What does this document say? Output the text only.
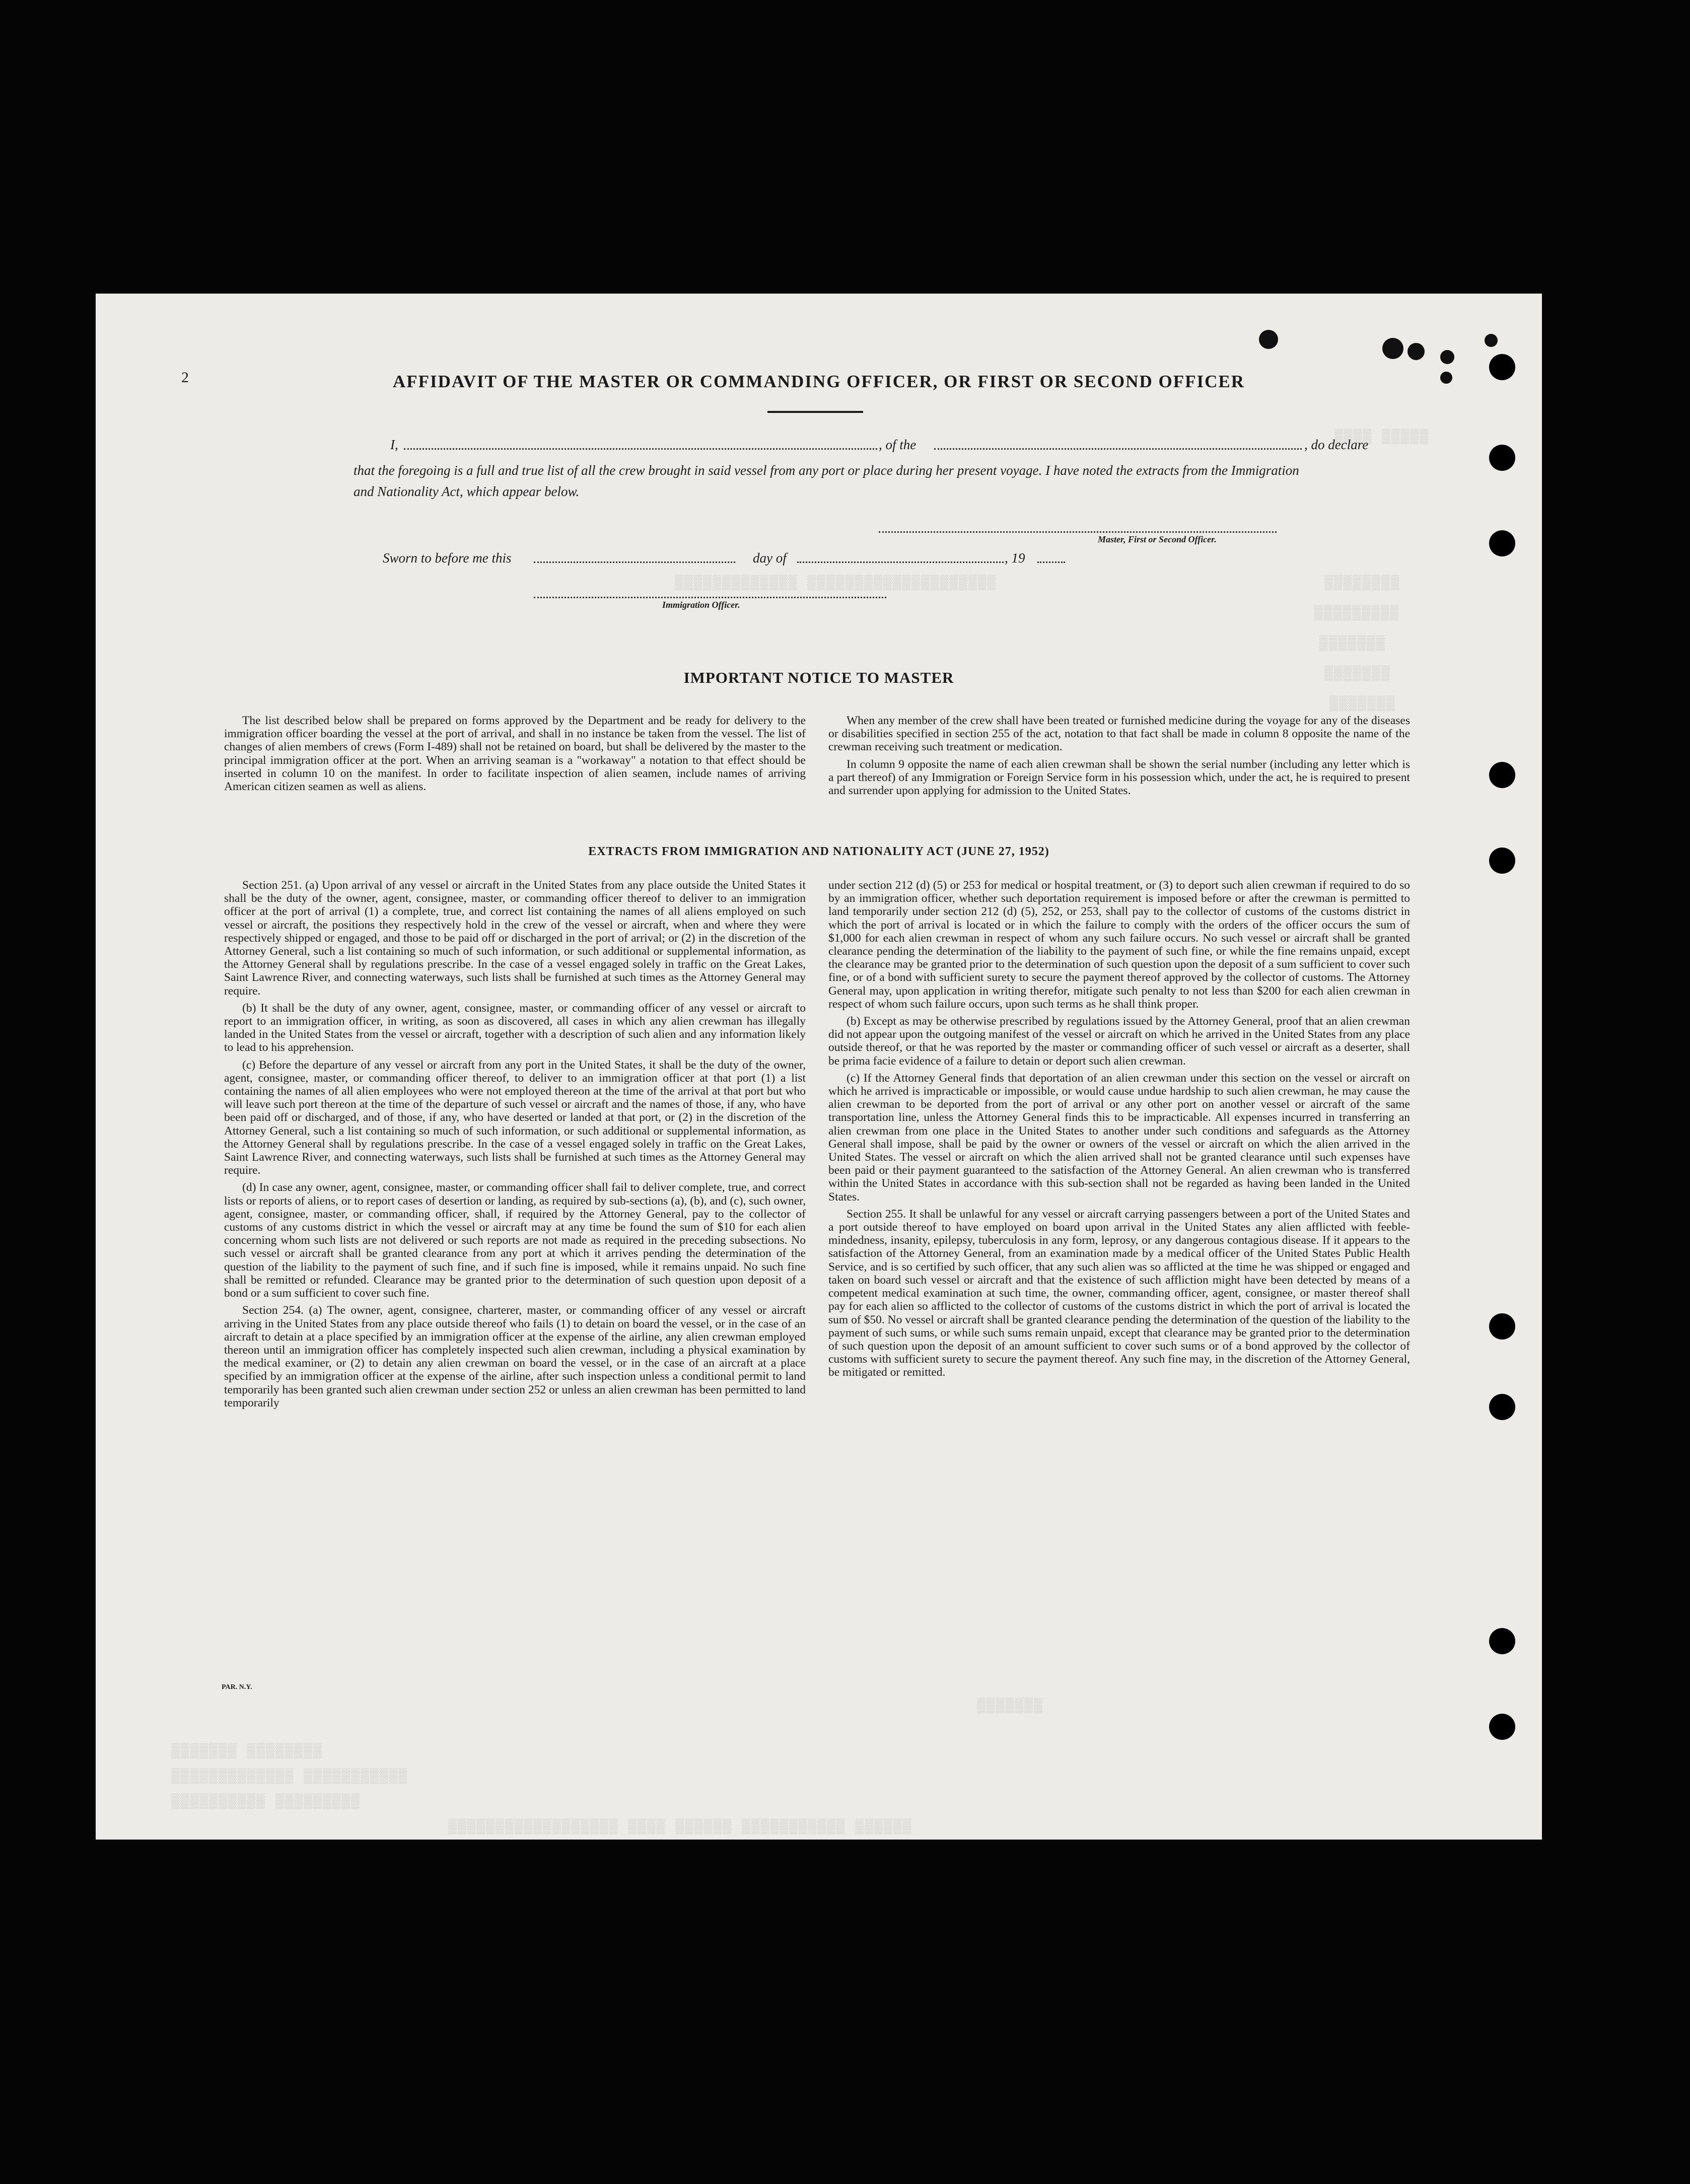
▒▒▒▒ ▒▒▒▒▒
▒▒▒▒▒▒▒▒
▒▒▒▒▒▒▒▒▒
▒▒▒▒▒▒▒
▒▒▒▒▒▒▒
▒▒▒▒▒▒▒
▒▒▒▒▒▒▒▒▒▒▒▒▒ ▒▒▒▒▒▒▒▒▒▒▒▒▒▒▒▒▒▒▒▒
▒▒▒▒▒▒▒
▒▒▒▒▒▒▒ ▒▒▒▒▒▒▒▒
▒▒▒▒▒▒▒▒▒▒▒▒▒ ▒▒▒▒▒▒▒▒▒▒▒
▒▒▒▒▒▒▒▒▒▒ ▒▒▒▒▒▒▒▒▒
▒▒▒▒▒▒▒▒▒▒▒▒▒▒▒▒▒▒ ▒▒▒▒ ▒▒▒▒▒▒ ▒▒▒▒▒▒▒▒▒▒▒ ▒▒▒▒▒▒
2	AFFIDAVIT OF THE MASTER OR COMMANDING OFFICER, OR FIRST OR SECOND OFFICER
I,	, of the	, do declare
that the foregoing is a full and true list of all the crew brought in said vessel from any port or place during her present voyage. I have noted the extracts from the Immigration and Nationality Act, which appear below.
Master, First or Second Officer.
Sworn to before me this	day of	, 19
Immigration Officer.
IMPORTANT NOTICE TO MASTER

The list described below shall be prepared on forms approved by the Department and be ready for delivery to the immigration officer boarding the vessel at the port of arrival, and shall in no instance be taken from the vessel. The list of changes of alien members of crews (Form I-489) shall not be retained on board, but shall be delivered by the master to the principal immigration officer at the port. When an arriving seaman is a "workaway" a notation to that effect should be inserted in column 10 on the manifest. In order to facilitate inspection of alien seamen, include names of arriving American citizen seamen as well as aliens.

When any member of the crew shall have been treated or furnished medicine during the voyage for any of the diseases or disabilities specified in section 255 of the act, notation to that fact shall be made in column 8 opposite the name of the crewman receiving such treatment or medication.

In column 9 opposite the name of each alien crewman shall be shown the serial number (including any letter which is a part thereof) of any Immigration or Foreign Service form in his possession which, under the act, he is required to present and surrender upon applying for admission to the United States.

EXTRACTS FROM IMMIGRATION AND NATIONALITY ACT (JUNE 27, 1952)

Section 251. (a) Upon arrival of any vessel or aircraft in the United States from any place outside the United States it shall be the duty of the owner, agent, consignee, master, or commanding officer thereof to deliver to an immigration officer at the port of arrival (1) a complete, true, and correct list containing the names of all aliens employed on such vessel or aircraft, the positions they respectively hold in the crew of the vessel or aircraft, when and where they were respectively shipped or engaged, and those to be paid off or discharged in the port of arrival; or (2) in the discretion of the Attorney General, such a list containing so much of such information, or such additional or supplemental information, as the Attorney General shall by regulations prescribe. In the case of a vessel engaged solely in traffic on the Great Lakes, Saint Lawrence River, and connecting waterways, such lists shall be furnished at such times as the Attorney General may require.

(b) It shall be the duty of any owner, agent, consignee, master, or commanding officer of any vessel or aircraft to report to an immigration officer, in writing, as soon as discovered, all cases in which any alien crewman has illegally landed in the United States from the vessel or aircraft, together with a description of such alien and any information likely to lead to his apprehension.

(c) Before the departure of any vessel or aircraft from any port in the United States, it shall be the duty of the owner, agent, consignee, master, or commanding officer thereof, to deliver to an immigration officer at that port (1) a list containing the names of all alien employees who were not employed thereon at the time of the arrival at that port but who will leave such port thereon at the time of the departure of such vessel or aircraft and the names of those, if any, who have been paid off or discharged, and of those, if any, who have deserted or landed at that port, or (2) in the discretion of the Attorney General, such a list containing so much of such information, or such additional or supplemental information, as the Attorney General shall by regulations prescribe. In the case of a vessel engaged solely in traffic on the Great Lakes, Saint Lawrence River, and connecting waterways, such lists shall be furnished at such times as the Attorney General may require.

(d) In case any owner, agent, consignee, master, or commanding officer shall fail to deliver complete, true, and correct lists or reports of aliens, or to report cases of desertion or landing, as required by sub-sections (a), (b), and (c), such owner, agent, consignee, master, or commanding officer, shall, if required by the Attorney General, pay to the collector of customs of any customs district in which the vessel or aircraft may at any time be found the sum of $10 for each alien concerning whom such lists are not delivered or such reports are not made as required in the preceding subsections. No such vessel or aircraft shall be granted clearance from any port at which it arrives pending the determination of the question of the liability to the payment of such fine, and if such fine is imposed, while it remains unpaid. No such fine shall be remitted or refunded. Clearance may be granted prior to the determination of such question upon deposit of a bond or a sum sufficient to cover such fine.

Section 254. (a) The owner, agent, consignee, charterer, master, or commanding officer of any vessel or aircraft arriving in the United States from any place outside thereof who fails (1) to detain on board the vessel, or in the case of an aircraft to detain at a place specified by an immigration officer at the expense of the airline, any alien crewman employed thereon until an immigration officer has completely inspected such alien crewman, including a physical examination by the medical examiner, or (2) to detain any alien crewman on board the vessel, or in the case of an aircraft at a place specified by an immigration officer at the expense of the airline, after such inspection unless a conditional permit to land temporarily has been granted such alien crewman under section 252 or unless an alien crewman has been permitted to land temporarily

under section 212 (d) (5) or 253 for medical or hospital treatment, or (3) to deport such alien crewman if required to do so by an immigration officer, whether such deportation requirement is imposed before or after the crewman is permitted to land temporarily under section 212 (d) (5), 252, or 253, shall pay to the collector of customs of the customs district in which the port of arrival is located or in which the failure to comply with the orders of the officer occurs the sum of $1,000 for each alien crewman in respect of whom any such failure occurs. No such vessel or aircraft shall be granted clearance pending the determination of the liability to the payment of such fine, or while the fine remains unpaid, except the clearance may be granted prior to the determination of such question upon the deposit of a sum sufficient to cover such fine, or of a bond with sufficient surety to secure the payment thereof approved by the collector of customs. The Attorney General may, upon application in writing therefor, mitigate such penalty to not less than $200 for each alien crewman in respect of whom such failure occurs, upon such terms as he shall think proper.

(b) Except as may be otherwise prescribed by regulations issued by the Attorney General, proof that an alien crewman did not appear upon the outgoing manifest of the vessel or aircraft on which he arrived in the United States from any place outside thereof, or that he was reported by the master or commanding officer of such vessel or aircraft as a deserter, shall be prima facie evidence of a failure to detain or deport such alien crewman.

(c) If the Attorney General finds that deportation of an alien crewman under this section on the vessel or aircraft on which he arrived is impracticable or impossible, or would cause undue hardship to such alien crewman, he may cause the alien crewman to be deported from the port of arrival or any other port on another vessel or aircraft of the same transportation line, unless the Attorney General finds this to be impracticable. All expenses incurred in transferring an alien crewman from one place in the United States to another under such conditions and safeguards as the Attorney General shall impose, shall be paid by the owner or owners of the vessel or aircraft on which the alien arrived in the United States. The vessel or aircraft on which the alien arrived shall not be granted clearance until such expenses have been paid or their payment guaranteed to the satisfaction of the Attorney General. An alien crewman who is transferred within the United States in accordance with this sub-section shall not be regarded as having been landed in the United States.

Section 255. It shall be unlawful for any vessel or aircraft carrying passengers between a port of the United States and a port outside thereof to have employed on board upon arrival in the United States any alien afflicted with feeble-mindedness, insanity, epilepsy, tuberculosis in any form, leprosy, or any dangerous contagious disease. If it appears to the satisfaction of the Attorney General, from an examination made by a medical officer of the United States Public Health Service, and is so certified by such officer, that any such alien was so afflicted at the time he was shipped or engaged and taken on board such vessel or aircraft and that the existence of such affliction might have been detected by means of a competent medical examination at such time, the owner, commanding officer, agent, consignee, or master thereof shall pay for each alien so afflicted to the collector of customs of the customs district in which the port of arrival is located the sum of $50. No vessel or aircraft shall be granted clearance pending the determination of the question of the liability to the payment of such sums, or while such sums remain unpaid, except that clearance may be granted prior to the determination of such question upon the deposit of an amount sufficient to cover such sums or of a bond approved by the collector of customs with sufficient surety to secure the payment thereof. Any such fine may, in the discretion of the Attorney General, be mitigated or remitted.

PAR. N.Y.
